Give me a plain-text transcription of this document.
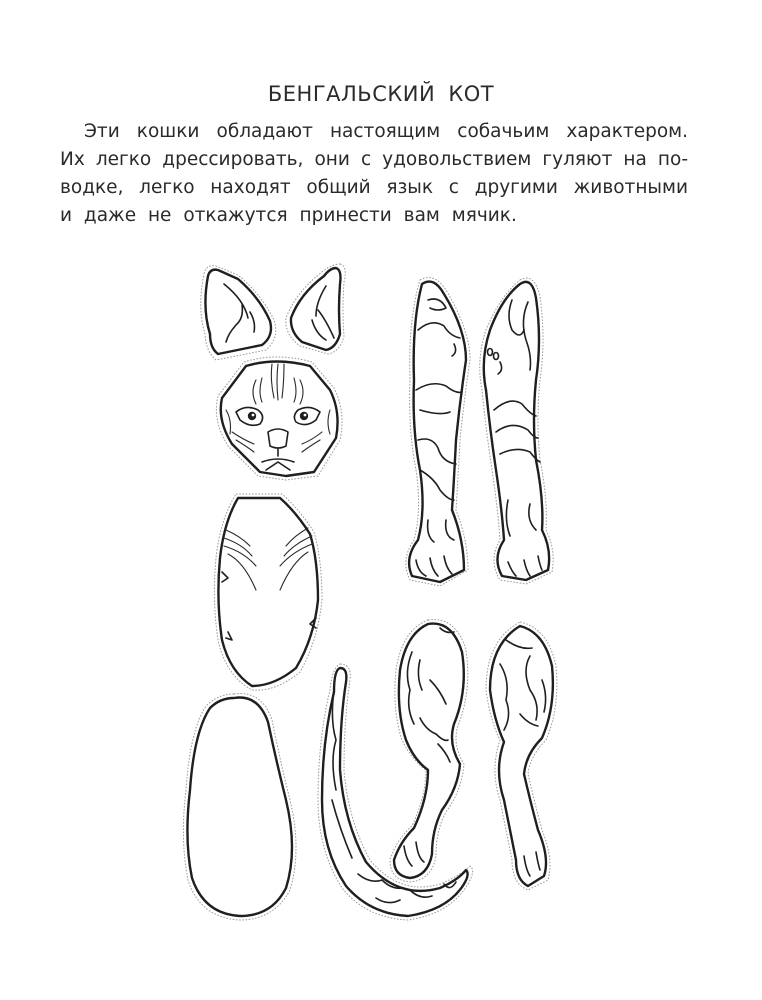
БЕНГАЛЬСКИЙ КОТ
Эти кошки обладают настоящим собачьим характером.
Их легко дрессировать, они с удовольствием гуляют на по-
водке, легко находят общий язык с другими животными
и даже не откажутся принести вам мячик.
